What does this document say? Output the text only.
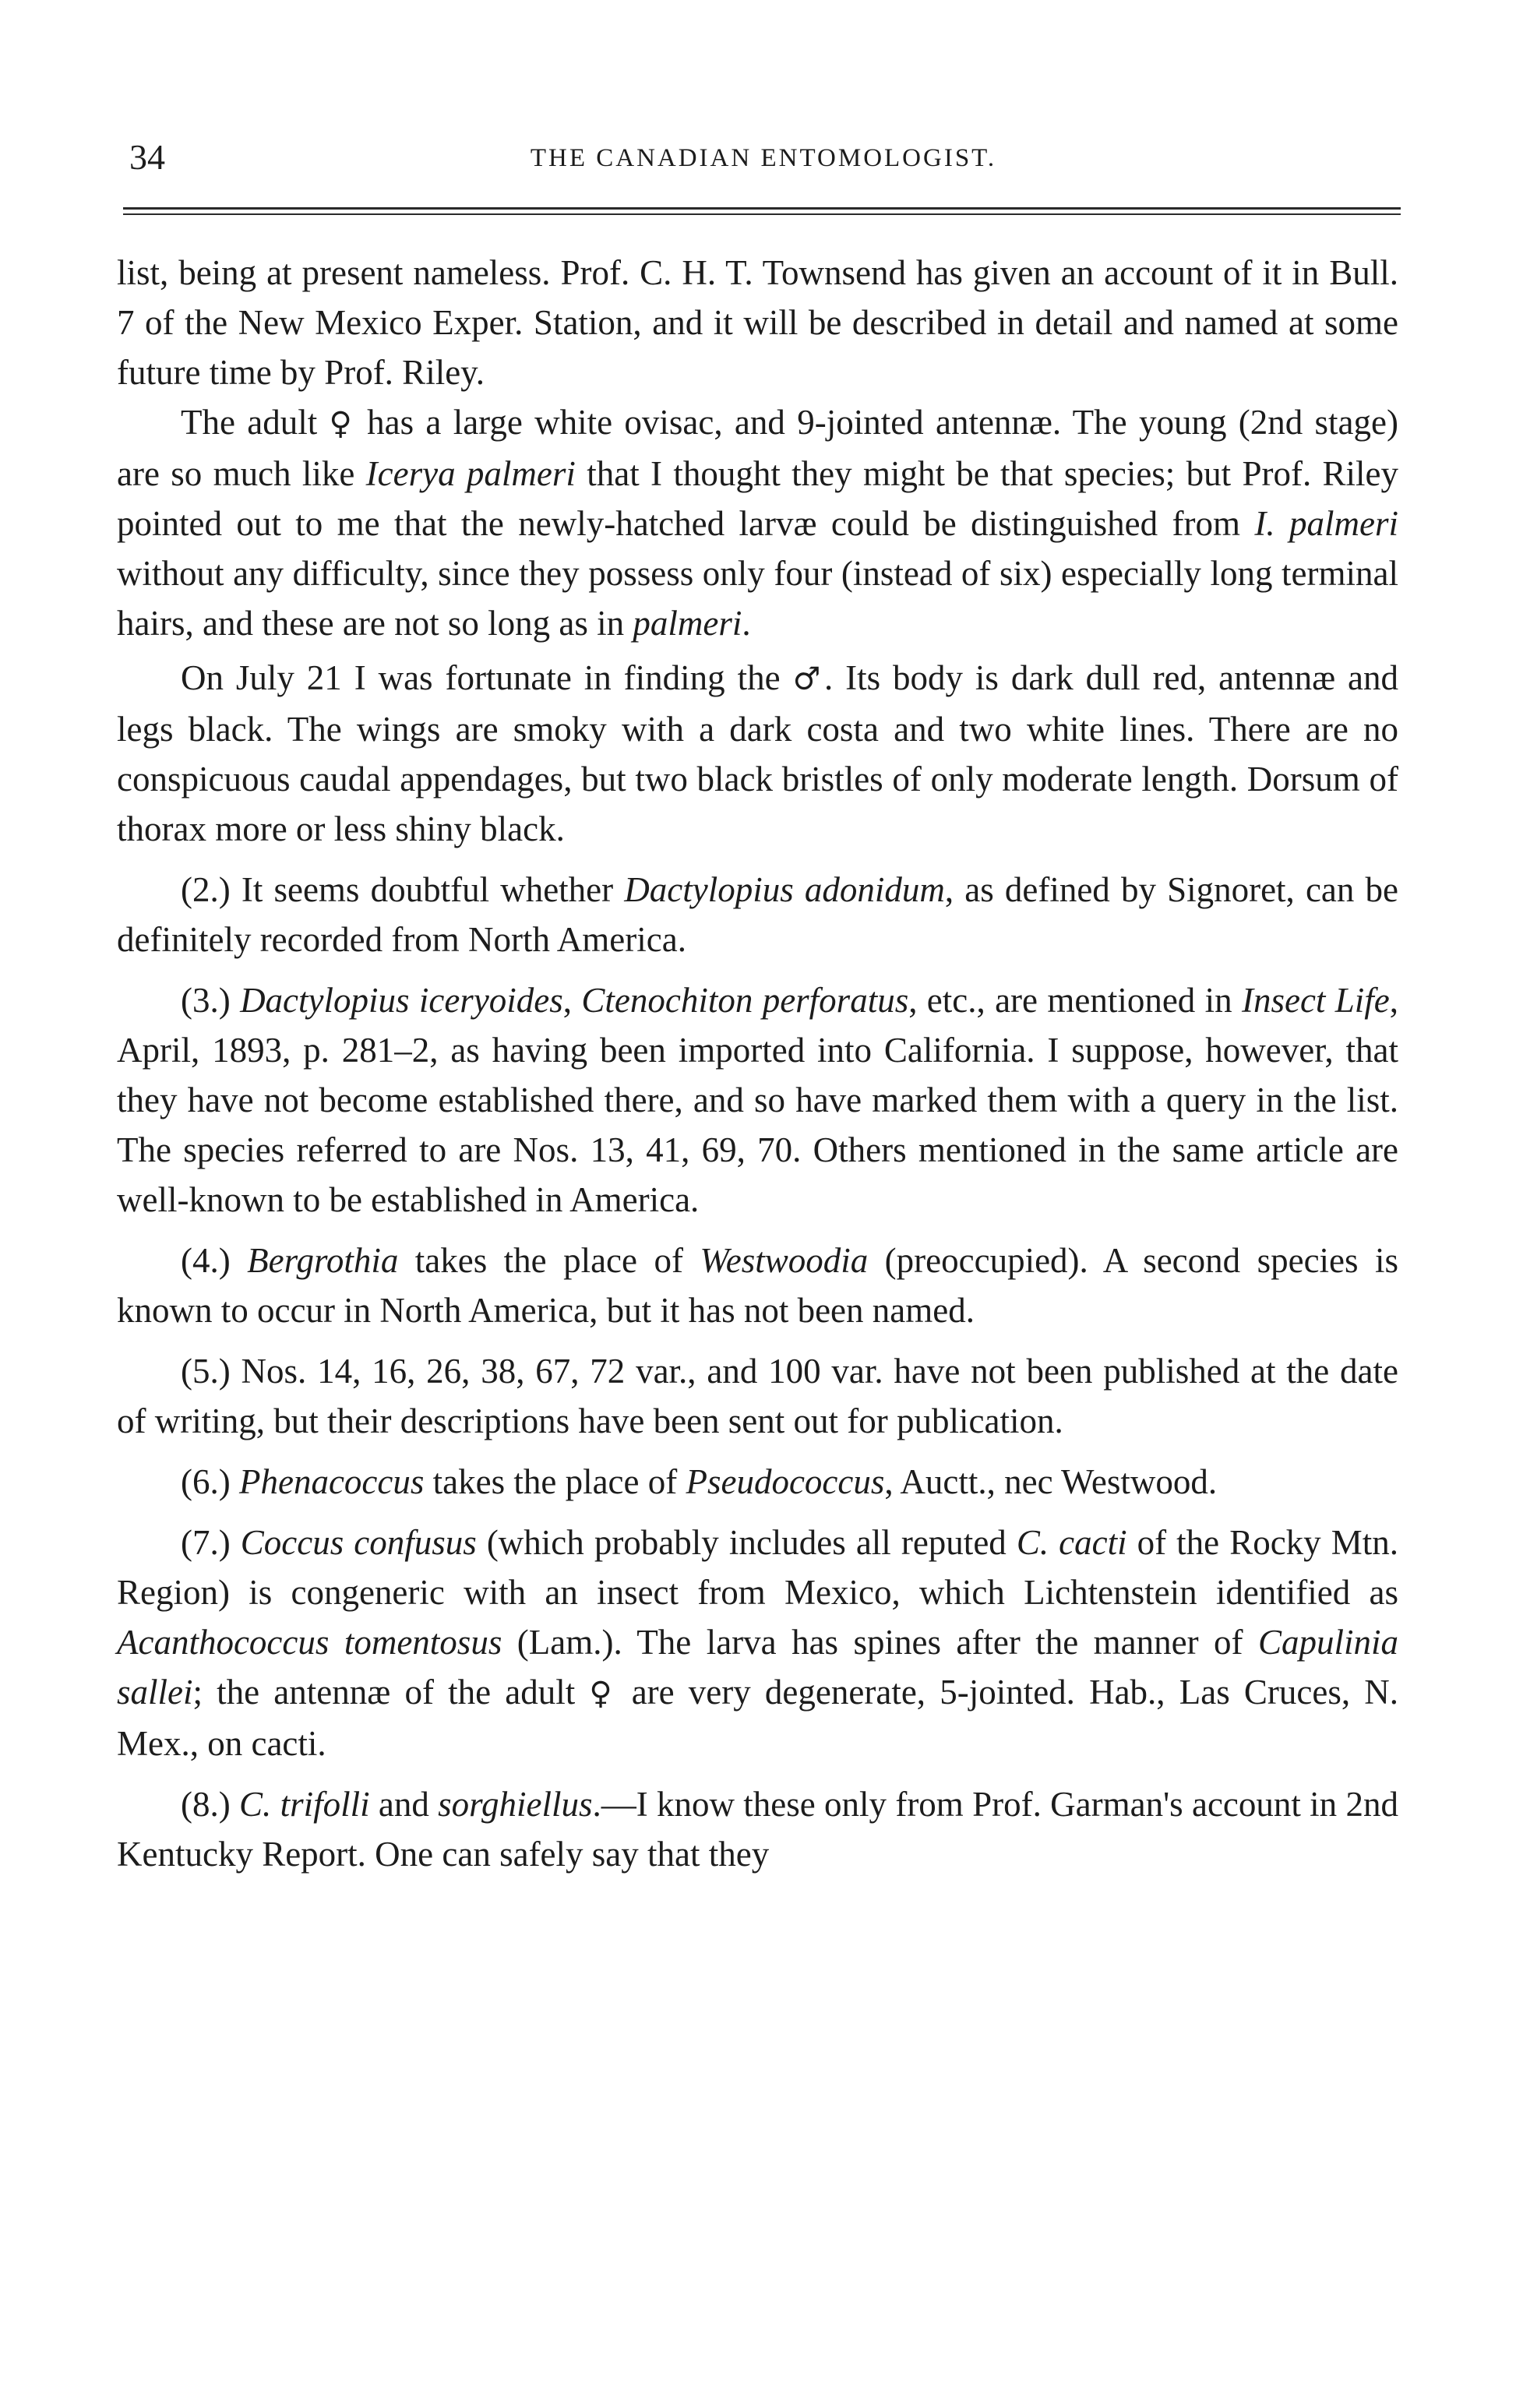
34	THE CANADIAN ENTOMOLOGIST.

list, being at present nameless. Prof. C. H. T. Townsend has given an account of it in Bull. 7 of the New Mexico Exper. Station, and it will be described in detail and named at some future time by Prof. Riley.

The adult ♀ has a large white ovisac, and 9-jointed antennæ. The young (2nd stage) are so much like Icerya palmeri that I thought they might be that species; but Prof. Riley pointed out to me that the newly-hatched larvæ could be distinguished from I. palmeri without any difficulty, since they possess only four (instead of six) especially long terminal hairs, and these are not so long as in palmeri.

On July 21 I was fortunate in finding the ♂. Its body is dark dull red, antennæ and legs black. The wings are smoky with a dark costa and two white lines. There are no conspicuous caudal appendages, but two black bristles of only moderate length. Dorsum of thorax more or less shiny black.

(2.) It seems doubtful whether Dactylopius adonidum, as defined by Signoret, can be definitely recorded from North America.

(3.) Dactylopius iceryoides, Ctenochiton perforatus, etc., are mentioned in Insect Life, April, 1893, p. 281–2, as having been imported into California. I suppose, however, that they have not become established there, and so have marked them with a query in the list. The species referred to are Nos. 13, 41, 69, 70. Others mentioned in the same article are well-known to be established in America.

(4.) Bergrothia takes the place of Westwoodia (preoccupied). A second species is known to occur in North America, but it has not been named.

(5.) Nos. 14, 16, 26, 38, 67, 72 var., and 100 var. have not been published at the date of writing, but their descriptions have been sent out for publication.

(6.) Phenacoccus takes the place of Pseudococcus, Auctt., nec Westwood.

(7.) Coccus confusus (which probably includes all reputed C. cacti of the Rocky Mtn. Region) is congeneric with an insect from Mexico, which Lichtenstein identified as Acanthococcus tomentosus (Lam.). The larva has spines after the manner of Capulinia sallei; the antennæ of the adult ♀ are very degenerate, 5-jointed. Hab., Las Cruces, N. Mex., on cacti.

(8.) C. trifolli and sorghiellus.—I know these only from Prof. Garman's account in 2nd Kentucky Report. One can safely say that they
